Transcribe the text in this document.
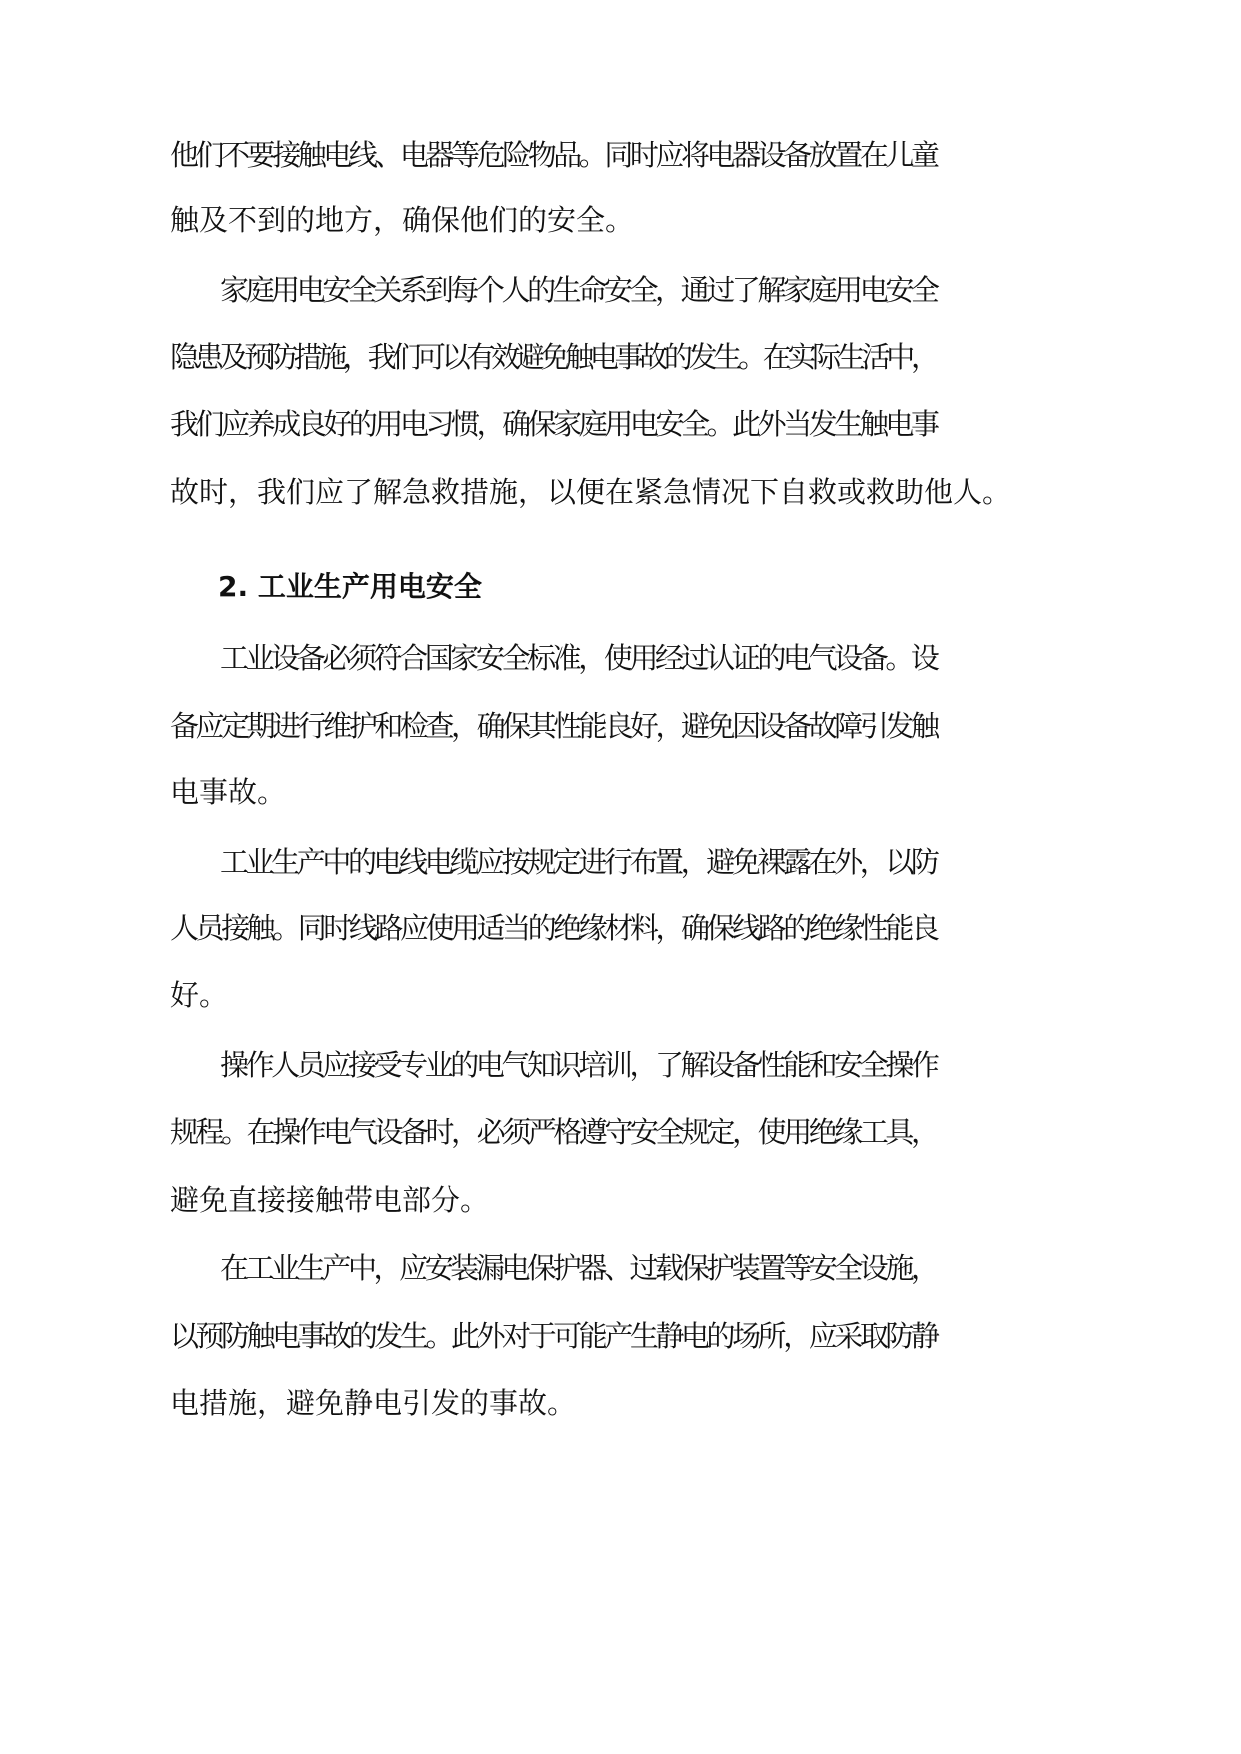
他们不要接触电线、电器等危险物品。同时应将电器设备放置在儿童
触及不到的地方，确保他们的安全。
家庭用电安全关系到每个人的生命安全，通过了解家庭用电安全
隐患及预防措施，我们可以有效避免触电事故的发生。在实际生活中，
我们应养成良好的用电习惯，确保家庭用电安全。此外当发生触电事
故时，我们应了解急救措施，以便在紧急情况下自救或救助他人。
2. 工业生产用电安全
工业设备必须符合国家安全标准，使用经过认证的电气设备。设
备应定期进行维护和检查，确保其性能良好，避免因设备故障引发触
电事故。
工业生产中的电线电缆应按规定进行布置，避免裸露在外，以防
人员接触。同时线路应使用适当的绝缘材料，确保线路的绝缘性能良
好。
操作人员应接受专业的电气知识培训，了解设备性能和安全操作
规程。在操作电气设备时，必须严格遵守安全规定，使用绝缘工具，
避免直接接触带电部分。
在工业生产中，应安装漏电保护器、过载保护装置等安全设施，
以预防触电事故的发生。此外对于可能产生静电的场所，应采取防静
电措施，避免静电引发的事故。
